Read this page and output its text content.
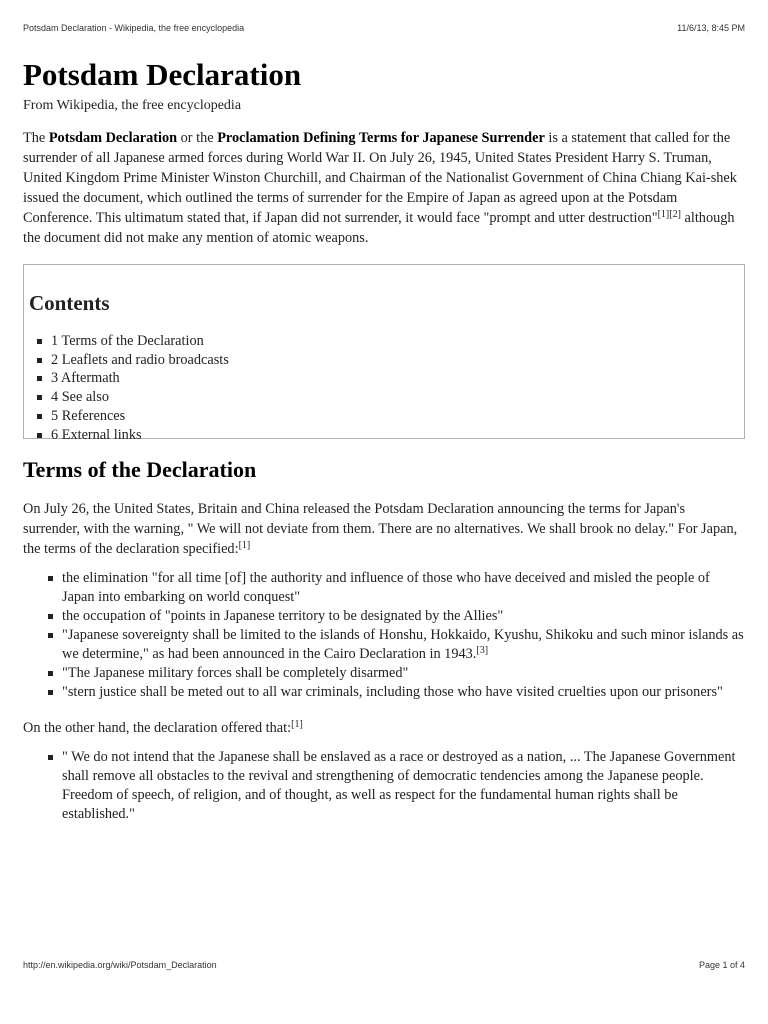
Potsdam Declaration - Wikipedia, the free encyclopedia	11/6/13, 8:45 PM
Potsdam Declaration
From Wikipedia, the free encyclopedia

The Potsdam Declaration or the Proclamation Defining Terms for Japanese Surrender is a statement that called for the surrender of all Japanese armed forces during World War II. On July 26, 1945, United States President Harry S. Truman, United Kingdom Prime Minister Winston Churchill, and Chairman of the Nationalist Government of China Chiang Kai-shek issued the document, which outlined the terms of surrender for the Empire of Japan as agreed upon at the Potsdam Conference. This ultimatum stated that, if Japan did not surrender, it would face "prompt and utter destruction"[1][2] although the document did not make any mention of atomic weapons.

Contents
1 Terms of the Declaration
2 Leaflets and radio broadcasts
3 Aftermath
4 See also
5 References
6 External links
Terms of the Declaration

On July 26, the United States, Britain and China released the Potsdam Declaration announcing the terms for Japan's surrender, with the warning, " We will not deviate from them. There are no alternatives. We shall brook no delay." For Japan, the terms of the declaration specified:[1]

the elimination "for all time [of] the authority and influence of those who have deceived and misled the people of Japan into embarking on world conquest"
the occupation of "points in Japanese territory to be designated by the Allies"
"Japanese sovereignty shall be limited to the islands of Honshu, Hokkaido, Kyushu, Shikoku and such minor islands as we determine," as had been announced in the Cairo Declaration in 1943.[3]
"The Japanese military forces shall be completely disarmed"
"stern justice shall be meted out to all war criminals, including those who have visited cruelties upon our prisoners"

On the other hand, the declaration offered that:[1]

" We do not intend that the Japanese shall be enslaved as a race or destroyed as a nation, ... The Japanese Government shall remove all obstacles to the revival and strengthening of democratic tendencies among the Japanese people. Freedom of speech, of religion, and of thought, as well as respect for the fundamental human rights shall be established."
http://en.wikipedia.org/wiki/Potsdam_Declaration	Page 1 of 4
